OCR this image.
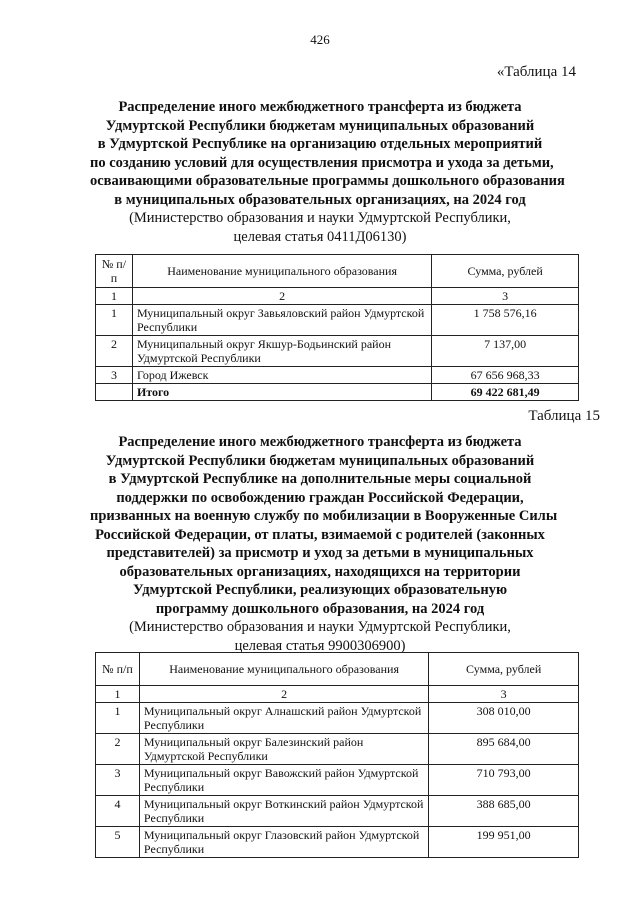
426
«Таблица 14
Распределение иного межбюджетного трансферта из бюджета
Удмуртской Республики бюджетам муниципальных образований
в Удмуртской Республике на организацию отдельных мероприятий
по созданию условий для осуществления присмотра и ухода за детьми,
осваивающими образовательные программы дошкольного образования
в муниципальных образовательных организациях, на 2024 год
(Министерство образования и науки Удмуртской Республики,
целевая статья 0411Д06130)
№ п/п	Наименование муниципального образования	Сумма, рублей
1	2	3
1	Муниципальный округ Завьяловский район Удмуртской Республики	1 758 576,16
2	Муниципальный округ Якшур-Бодьинский район Удмуртской Республики	7 137,00
3	Город Ижевск	67 656 968,33
	Итого	69 422 681,49
Таблица 15
Распределение иного межбюджетного трансферта из бюджета
Удмуртской Республики бюджетам муниципальных образований
в Удмуртской Республике на дополнительные меры социальной
поддержки по освобождению граждан Российской Федерации,
призванных на военную службу по мобилизации в Вооруженные Силы
Российской Федерации, от платы, взимаемой с родителей (законных
представителей) за присмотр и уход за детьми в муниципальных
образовательных организациях, находящихся на территории
Удмуртской Республики, реализующих образовательную
программу дошкольного образования, на 2024 год
(Министерство образования и науки Удмуртской Республики,
целевая статья 9900306900)
№ п/п	Наименование муниципального образования	Сумма, рублей
1	2	3
1	Муниципальный округ Алнашский район Удмуртской Республики	308 010,00
2	Муниципальный округ Балезинский район Удмуртской Республики	895 684,00
3	Муниципальный округ Вавожский район Удмуртской Республики	710 793,00
4	Муниципальный округ Воткинский район Удмуртской Республики	388 685,00
5	Муниципальный округ Глазовский район Удмуртской Республики	199 951,00
